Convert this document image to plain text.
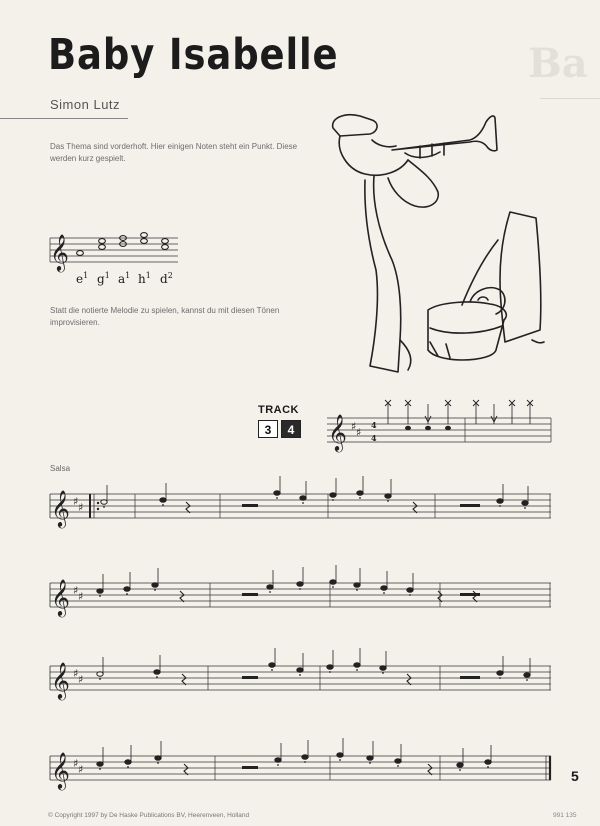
Baby Isabelle	Ba
Simon Lutz
Das Thema sind vorderhoft. Hier einigen Noten steht ein Punkt. Diese werden kurz gespielt.
Statt die notierte Melodie zu spielen, kannst du mit diesen Tönen improvisieren.
$e^1$ $g^1$ $a^1$ $h^1$ $d^2$
TRACK
3	4
Salsa
5
© Copyright 1997 by De Haske Publications BV, Heerenveen, Holland	991 135
𝄞
𝄞 ♯ ♯
4
4
𝄞 ♯ ♯
𝄞 ♯ ♯
𝄞 ♯ ♯
𝄞 ♯ ♯
